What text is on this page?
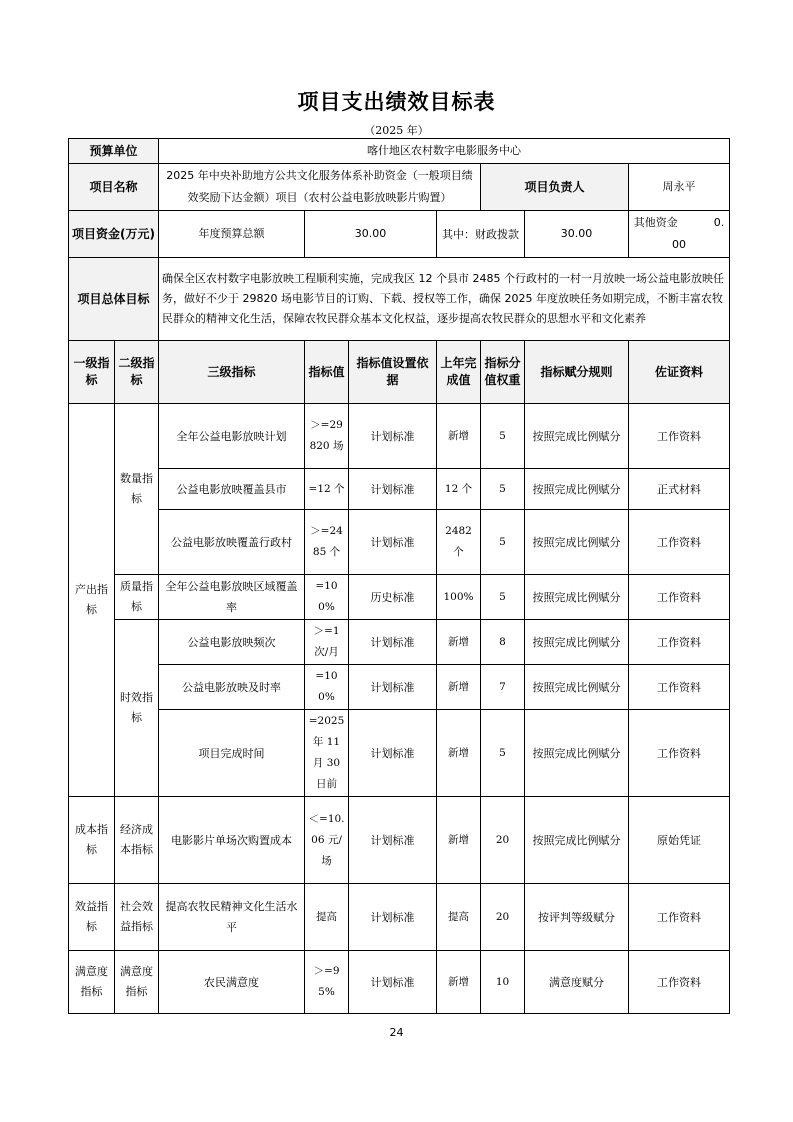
项目支出绩效目标表
（2025 年）
预算单位		喀什地区农村数字电影服务中心						
项目名称		2025 年中央补助地方公共文化服务体系补助资金（一般项目绩效奖励下达金额）项目（农村公益电影放映影片购置）				项目负责人		周永平
项目资金(万元)		年度预算总额	30.00		其中：财政拨款		30.00	其他资金 0.00
项目总体目标		确保全区农村数字电影放映工程顺利实施，完成我区 12 个县市 2485 个行政村的一村一月放映一场公益电影放映任务，做好不少于 29820 场电影节目的订购、下载、授权等工作，确保 2025 年度放映任务如期完成，不断丰富农牧民群众的精神文化生活，保障农牧民群众基本文化权益，逐步提高农牧民群众的思想水平和文化素养						
一级指标	二级指标	三级指标	指标值	指标值设置依据	上年完成值	指标分值权重	指标赋分规则	佐证资料
产出指标	数量指标	全年公益电影放映计划	＞=29820 场	计划标准	新增	5	按照完成比例赋分	工作资料
		公益电影放映覆盖县市	=12 个	计划标准	12 个	5	按照完成比例赋分	正式材料
		公益电影放映覆盖行政村	＞=2485 个	计划标准	2482 个	5	按照完成比例赋分	工作资料
	质量指标	全年公益电影放映区域覆盖率	=100%	历史标准	100%	5	按照完成比例赋分	工作资料
	时效指标	公益电影放映频次	＞=1 次/月	计划标准	新增	8	按照完成比例赋分	工作资料
		公益电影放映及时率	=100%	计划标准	新增	7	按照完成比例赋分	工作资料
		项目完成时间	=2025 年 11 月 30 日前	计划标准	新增	5	按照完成比例赋分	工作资料
成本指标	经济成本指标	电影影片单场次购置成本	＜=10.06 元/场	计划标准	新增	20	按照完成比例赋分	原始凭证
效益指标	社会效益指标	提高农牧民精神文化生活水平	提高	计划标准	提高	20	按评判等级赋分	工作资料
满意度指标	满意度指标	农民满意度	＞=95%	计划标准	新增	10	满意度赋分	工作资料
24
